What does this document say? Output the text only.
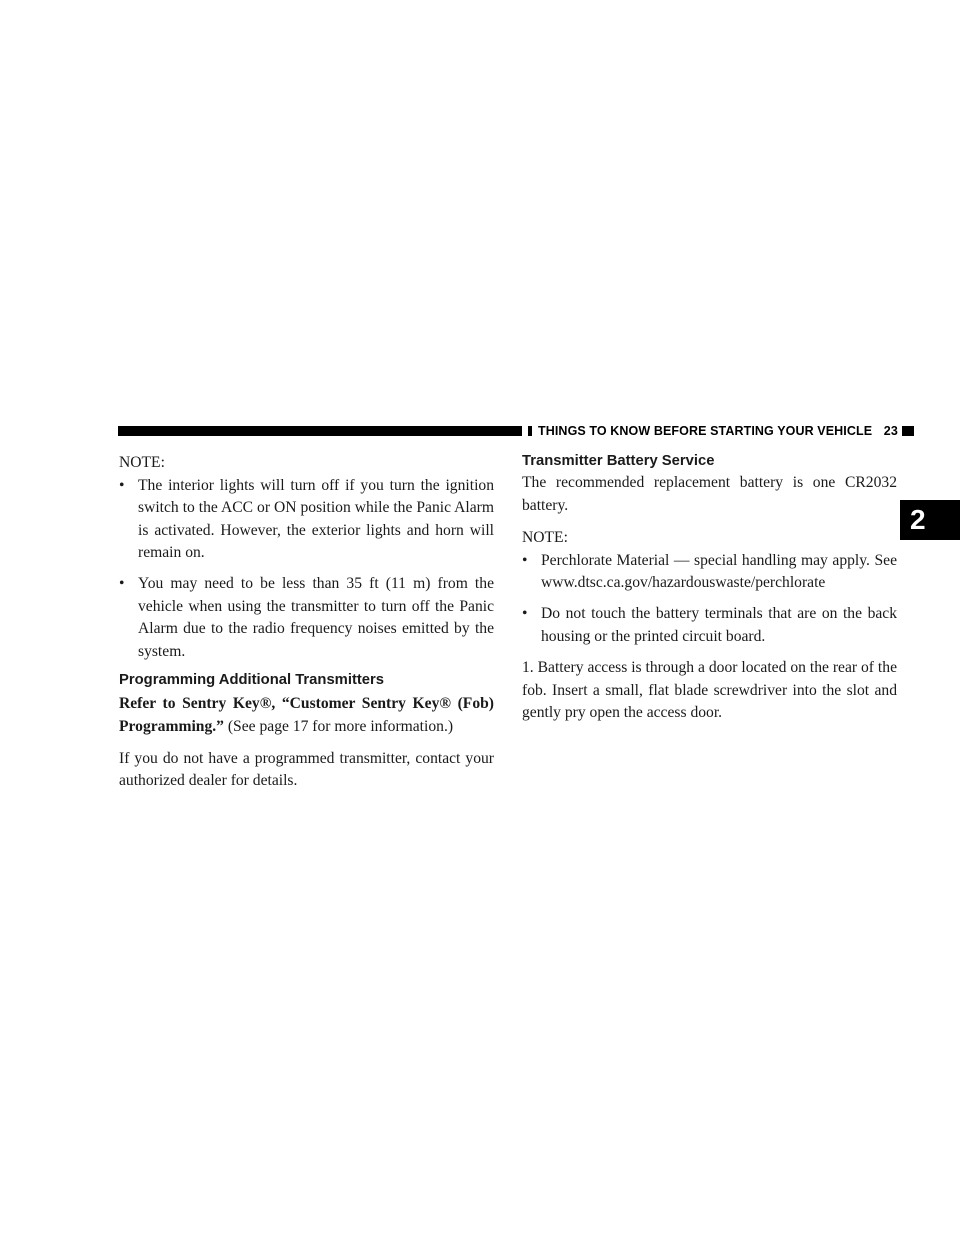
THINGS TO KNOW BEFORE STARTING YOUR VEHICLE 23
2

NOTE:

• The interior lights will turn off if you turn the ignition switch to the ACC or ON position while the Panic Alarm is activated. However, the exterior lights and horn will remain on.
• You may need to be less than 35 ft (11 m) from the vehicle when using the transmitter to turn off the Panic Alarm due to the radio frequency noises emitted by the system.
Programming Additional Transmitters

Refer to Sentry Key®, “Customer Sentry Key® (Fob) Programming.” (See page 17 for more information.)

If you do not have a programmed transmitter, contact your authorized dealer for details.

Transmitter Battery Service

The recommended replacement battery is one CR2032 battery.

NOTE:

• Perchlorate Material — special handling may apply. See www.dtsc.ca.gov/hazardouswaste/perchlorate
• Do not touch the battery terminals that are on the back housing or the printed circuit board.

1. Battery access is through a door located on the rear of the fob. Insert a small, flat blade screwdriver into the slot and gently pry open the access door.
